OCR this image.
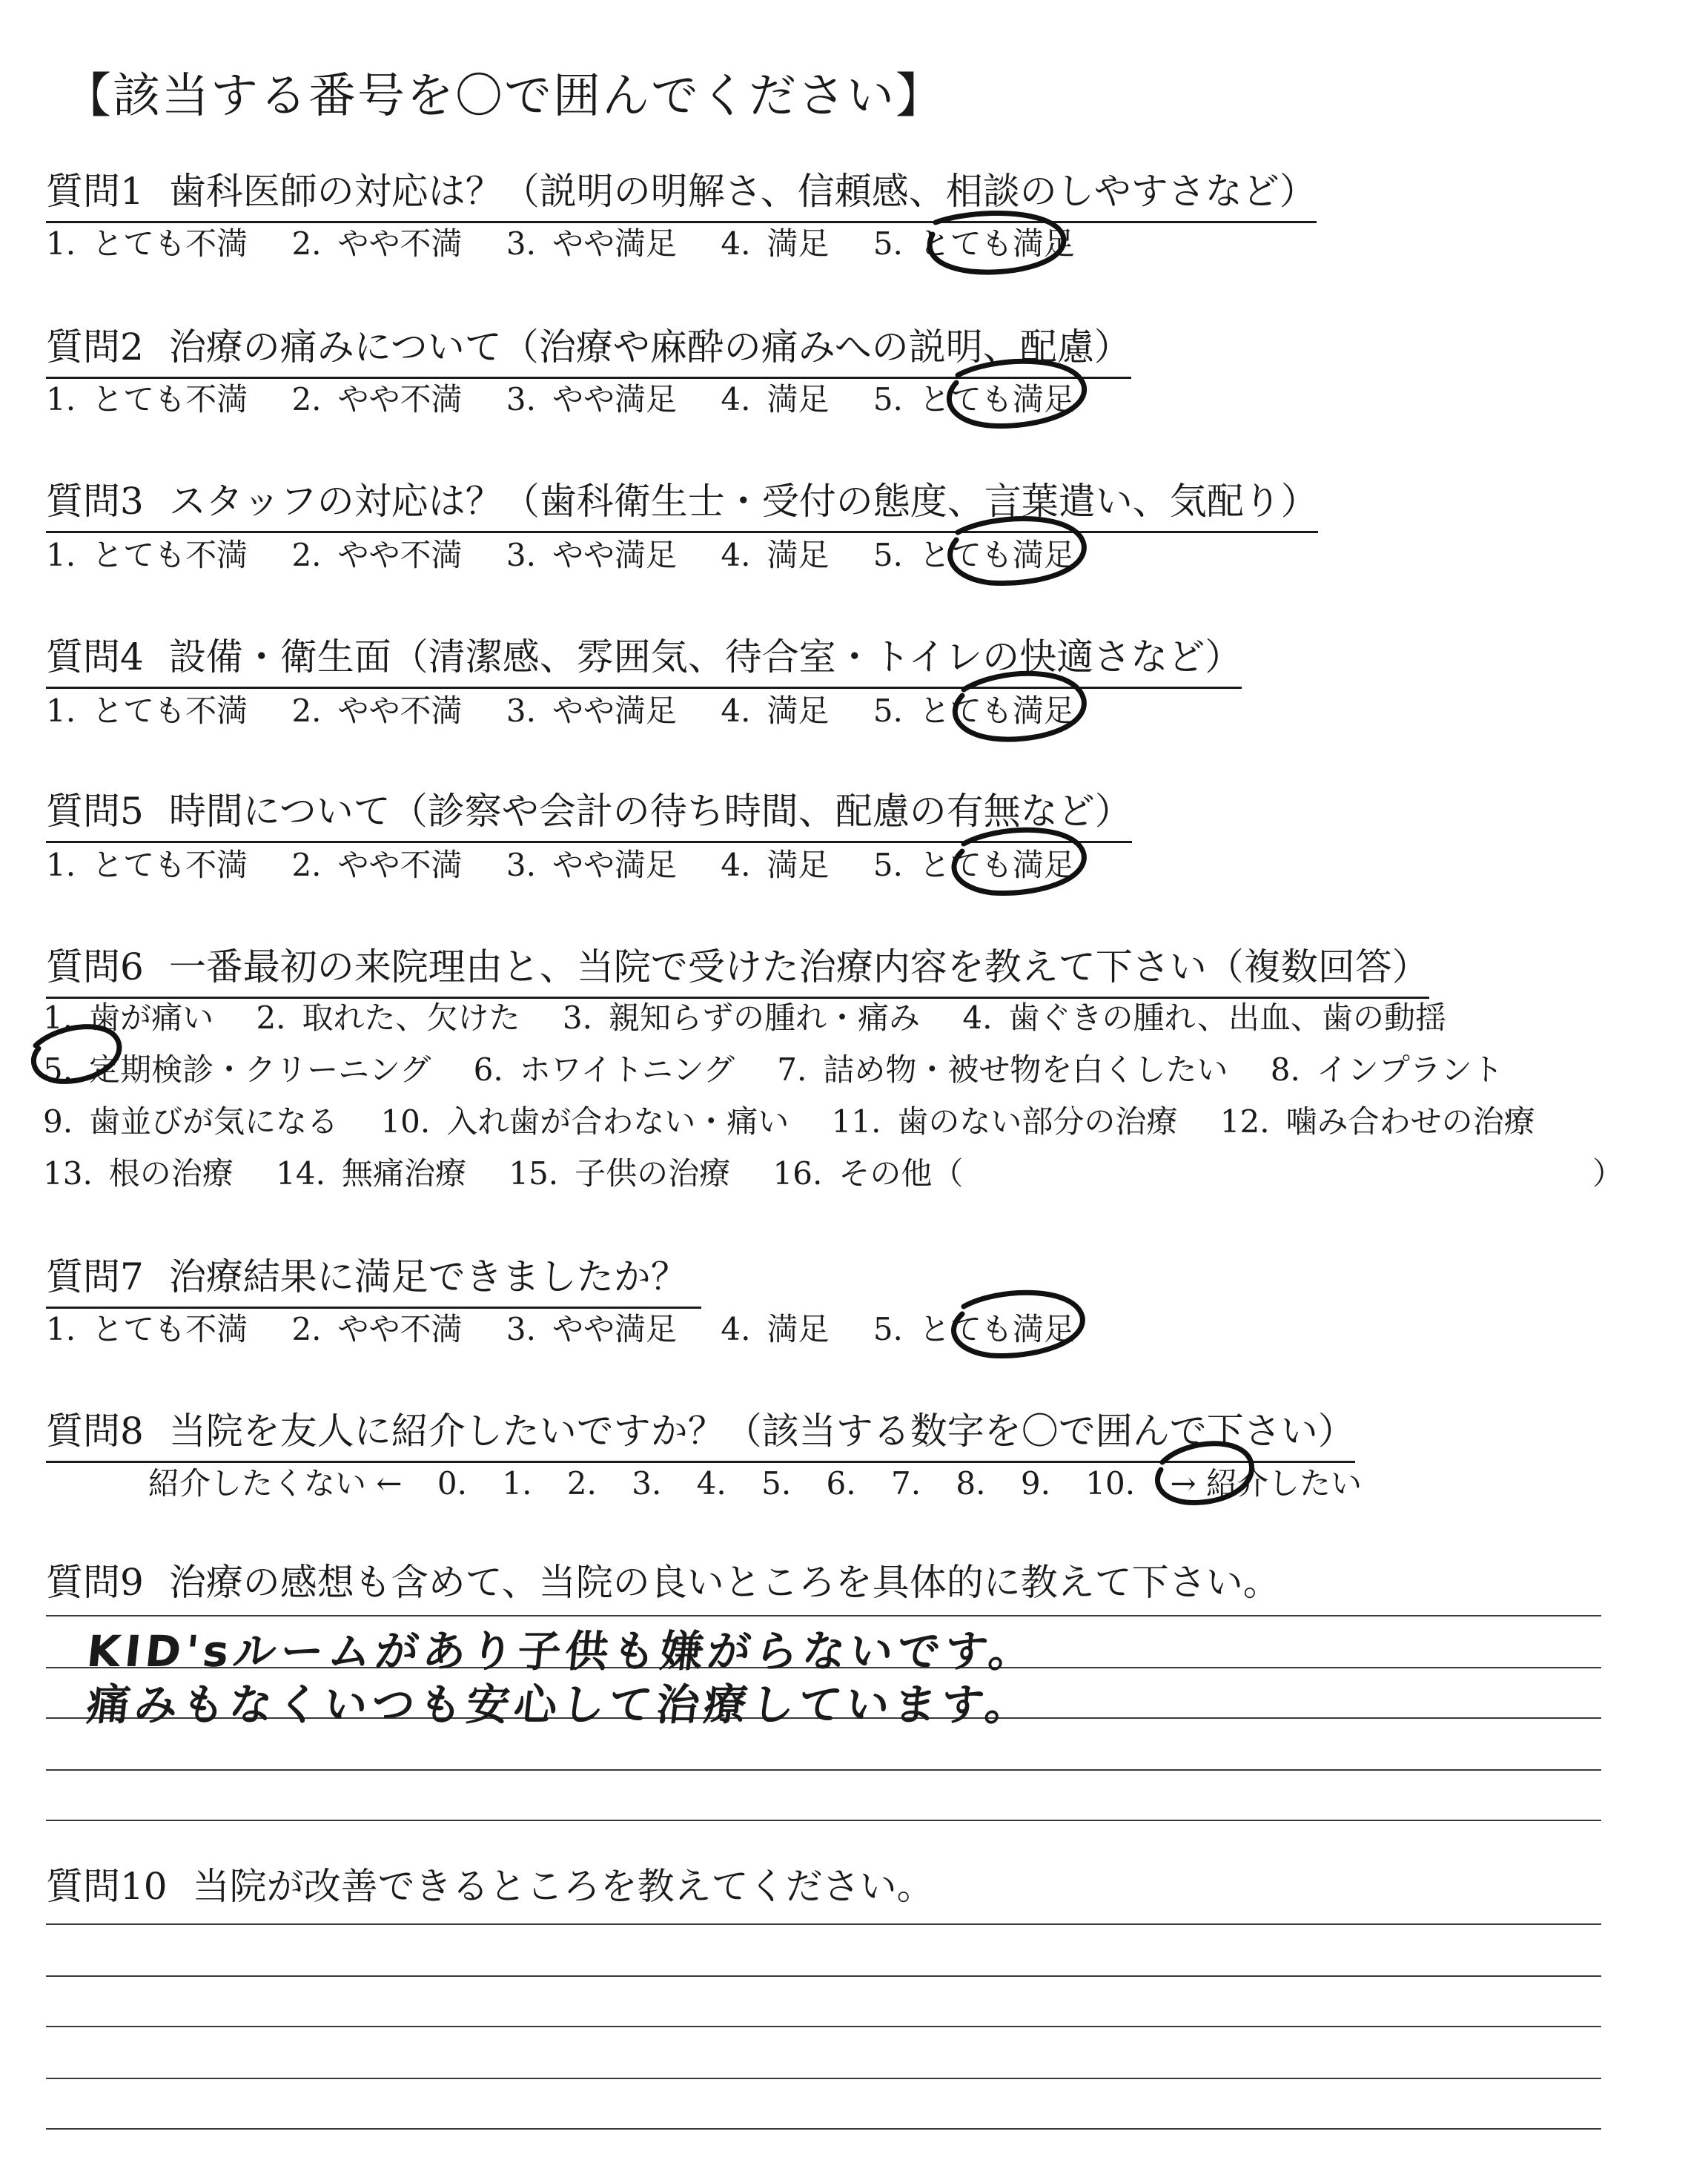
【該当する番号を〇で囲んでください】
質問1 歯科医師の対応は？（説明の明解さ、信頼感、相談のしやすさなど）
1. とても不満 2. やや不満 3. やや満足 4. 満足 5. とても満足
質問2 治療の痛みについて（治療や麻酔の痛みへの説明、配慮）
1. とても不満 2. やや不満 3. やや満足 4. 満足 5. とても満足
質問3 スタッフの対応は？（歯科衛生士・受付の態度、言葉遣い、気配り）
1. とても不満 2. やや不満 3. やや満足 4. 満足 5. とても満足
質問4 設備・衛生面（清潔感、雰囲気、待合室・トイレの快適さなど）
1. とても不満 2. やや不満 3. やや満足 4. 満足 5. とても満足
質問5 時間について（診察や会計の待ち時間、配慮の有無など）
1. とても不満 2. やや不満 3. やや満足 4. 満足 5. とても満足
質問6 一番最初の来院理由と、当院で受けた治療内容を教えて下さい（複数回答）
1. 歯が痛い 2. 取れた、欠けた 3. 親知らずの腫れ・痛み 4. 歯ぐきの腫れ、出血、歯の動揺
5. 定期検診・クリーニング 6. ホワイトニング 7. 詰め物・被せ物を白くしたい 8. インプラント
9. 歯並びが気になる 10. 入れ歯が合わない・痛い 11. 歯のない部分の治療 12. 噛み合わせの治療
13. 根の治療 14. 無痛治療 15. 子供の治療 16. その他（	）
質問7 治療結果に満足できましたか？
1. とても不満 2. やや不満 3. やや満足 4. 満足 5. とても満足
質問8 当院を友人に紹介したいですか？（該当する数字を〇で囲んで下さい）
紹介したくない ← 0. 1. 2. 3. 4. 5. 6. 7. 8. 9. 10. → 紹介したい
質問9 治療の感想も含めて、当院の良いところを具体的に教えて下さい。
KID'sルームがあり子供も嫌がらないです。
痛みもなくいつも安心して治療しています。
質問10 当院が改善できるところを教えてください。
